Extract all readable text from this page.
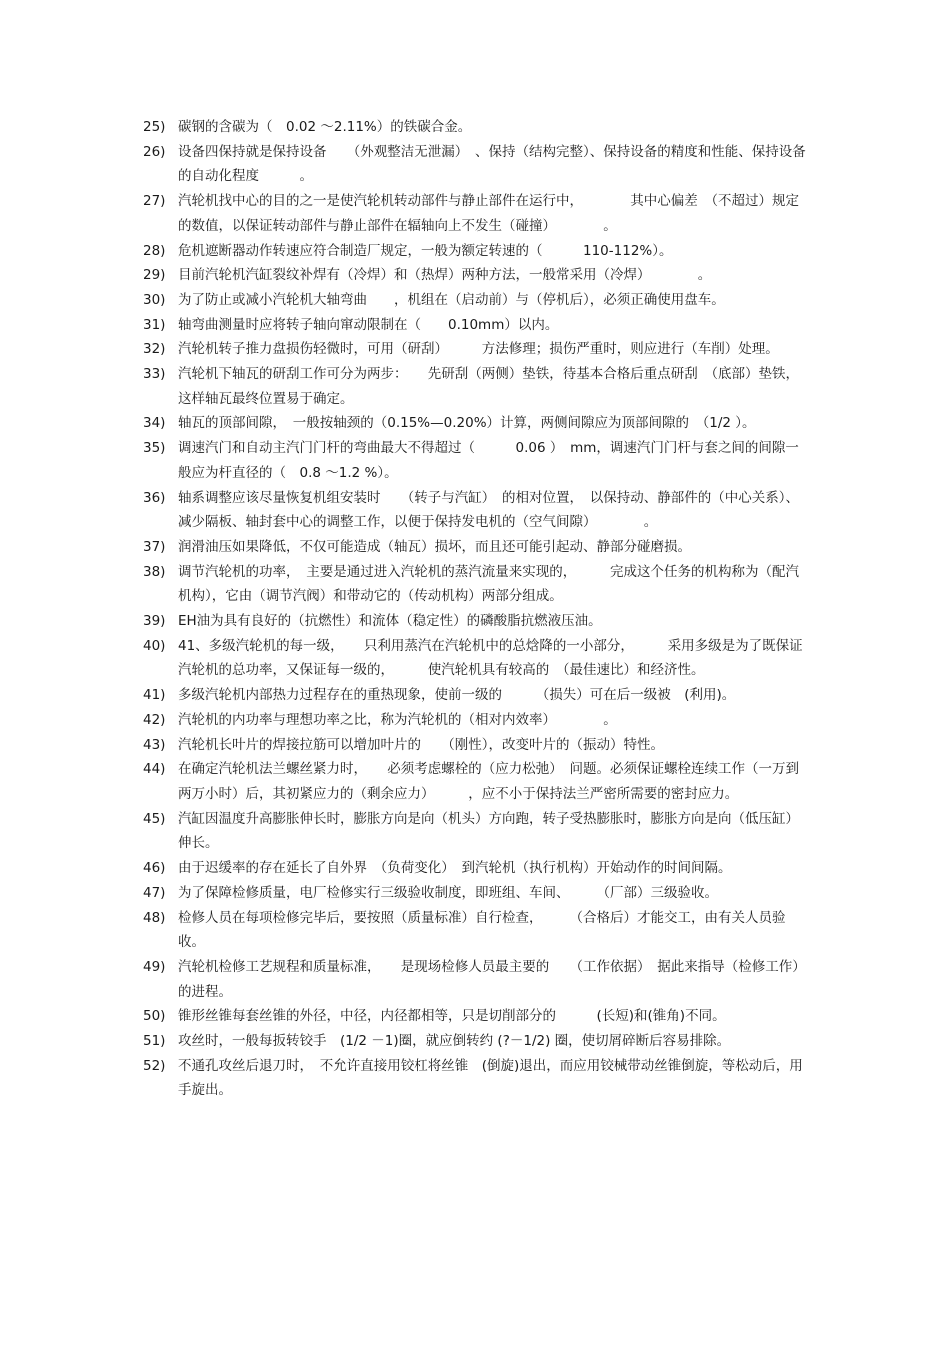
25) 碳钢的含碳为（　0.02 ～2.11%）的铁碳合金。
26) 设备四保持就是保持设备　　（外观整洁无泄漏）　、保持（结构完整）、保持设备的精度和性能、保持设备的自动化程度　　　。
27) 汽轮机找中心的目的之一是使汽轮机转动部件与静止部件在运行中，　　　　其中心偏差　（不超过）规定的数值，以保证转动部件与静止部件在辐轴向上不发生（碰撞）　　　　。
28) 危机遮断器动作转速应符合制造厂规定，一般为额定转速的（　　　110-112%）。
29) 目前汽轮机汽缸裂纹补焊有（冷焊）和（热焊）两种方法，一般常采用（冷焊）　　　　。
30) 为了防止或减小汽轮机大轴弯曲　　，机组在（启动前）与（停机后），必须正确使用盘车。
31) 轴弯曲测量时应将转子轴向窜动限制在（　　0.10mm）以内。
32) 汽轮机转子推力盘损伤轻微时，可用（研刮）　　　方法修理；损伤严重时，则应进行（车削）处理。
33) 汽轮机下轴瓦的研刮工作可分为两步：　　先研刮（两侧）垫铁，待基本合格后重点研刮　（底部）垫铁，这样轴瓦最终位置易于确定。
34) 轴瓦的顶部间隙，　一般按轴颈的（0.15%—0.20%）计算，两侧间隙应为顶部间隙的　（1/2 ）。
35) 调速汽门和自动主汽门门杆的弯曲最大不得超过（　　　0.06 ）　mm，调速汽门门杆与套之间的间隙一般应为杆直径的（　0.8 ～1.2 %）。
36) 轴系调整应该尽量恢复机组安装时　　（转子与汽缸）　的相对位置，　以保持动、静部件的（中心关系）、减少隔板、轴封套中心的调整工作，以便于保持发电机的（空气间隙）　　　　。
37) 润滑油压如果降低，不仅可能造成（轴瓦）损坏，而且还可能引起动、静部分碰磨损。
38) 调节汽轮机的功率，　主要是通过进入汽轮机的蒸汽流量来实现的，　　　完成这个任务的机构称为（配汽机构），它由（调节汽阀）和带动它的（传动机构）两部分组成。
39) EH油为具有良好的（抗燃性）和流体（稳定性）的磷酸脂抗燃液压油。
40) 41、多级汽轮机的每一级，　　只利用蒸汽在汽轮机中的总焓降的一小部分，　　　采用多级是为了既保证汽轮机的总功率，又保证每一级的，　　　使汽轮机具有较高的　（最佳速比）和经济性。
41) 多级汽轮机内部热力过程存在的重热现象，使前一级的　　　（损失）可在后一级被　(利用)。
42) 汽轮机的内功率与理想功率之比，称为汽轮机的（相对内效率）　　　　。
43) 汽轮机长叶片的焊接拉筋可以增加叶片的　　（刚性），改变叶片的（振动）特性。
44) 在确定汽轮机法兰螺丝紧力时，　　必须考虑螺栓的（应力松弛）　问题。必须保证螺栓连续工作（一万到两万小时）后，其初紧应力的（剩余应力）　　　，应不小于保持法兰严密所需要的密封应力。
45) 汽缸因温度升高膨胀伸长时，膨胀方向是向（机头）方向跑，转子受热膨胀时，膨胀方向是向（低压缸）伸长。
46) 由于迟缓率的存在延长了自外界　（负荷变化）　到汽轮机（执行机构）开始动作的时间间隔。
47) 为了保障检修质量，电厂检修实行三级验收制度，即班组、车间、　　　（厂部）三级验收。
48) 检修人员在每项检修完毕后，要按照（质量标准）自行检查，　　　（合格后）才能交工，由有关人员验收。
49) 汽轮机检修工艺规程和质量标准，　　是现场检修人员最主要的　　（工作依据）　据此来指导（检修工作）的进程。
50) 锥形丝锥每套丝锥的外径，中径，内径都相等，只是切削部分的　　　(长短)和(锥角)不同。
51) 攻丝时，一般每扳转铰手　(1/2 －1)圈，就应倒转约 (?－1/2) 圈，使切屑碎断后容易排除。
52) 不通孔攻丝后退刀时，　不允许直接用铰杠将丝锥　(倒旋)退出，而应用铰械带动丝锥倒旋，等松动后，用手旋出。
